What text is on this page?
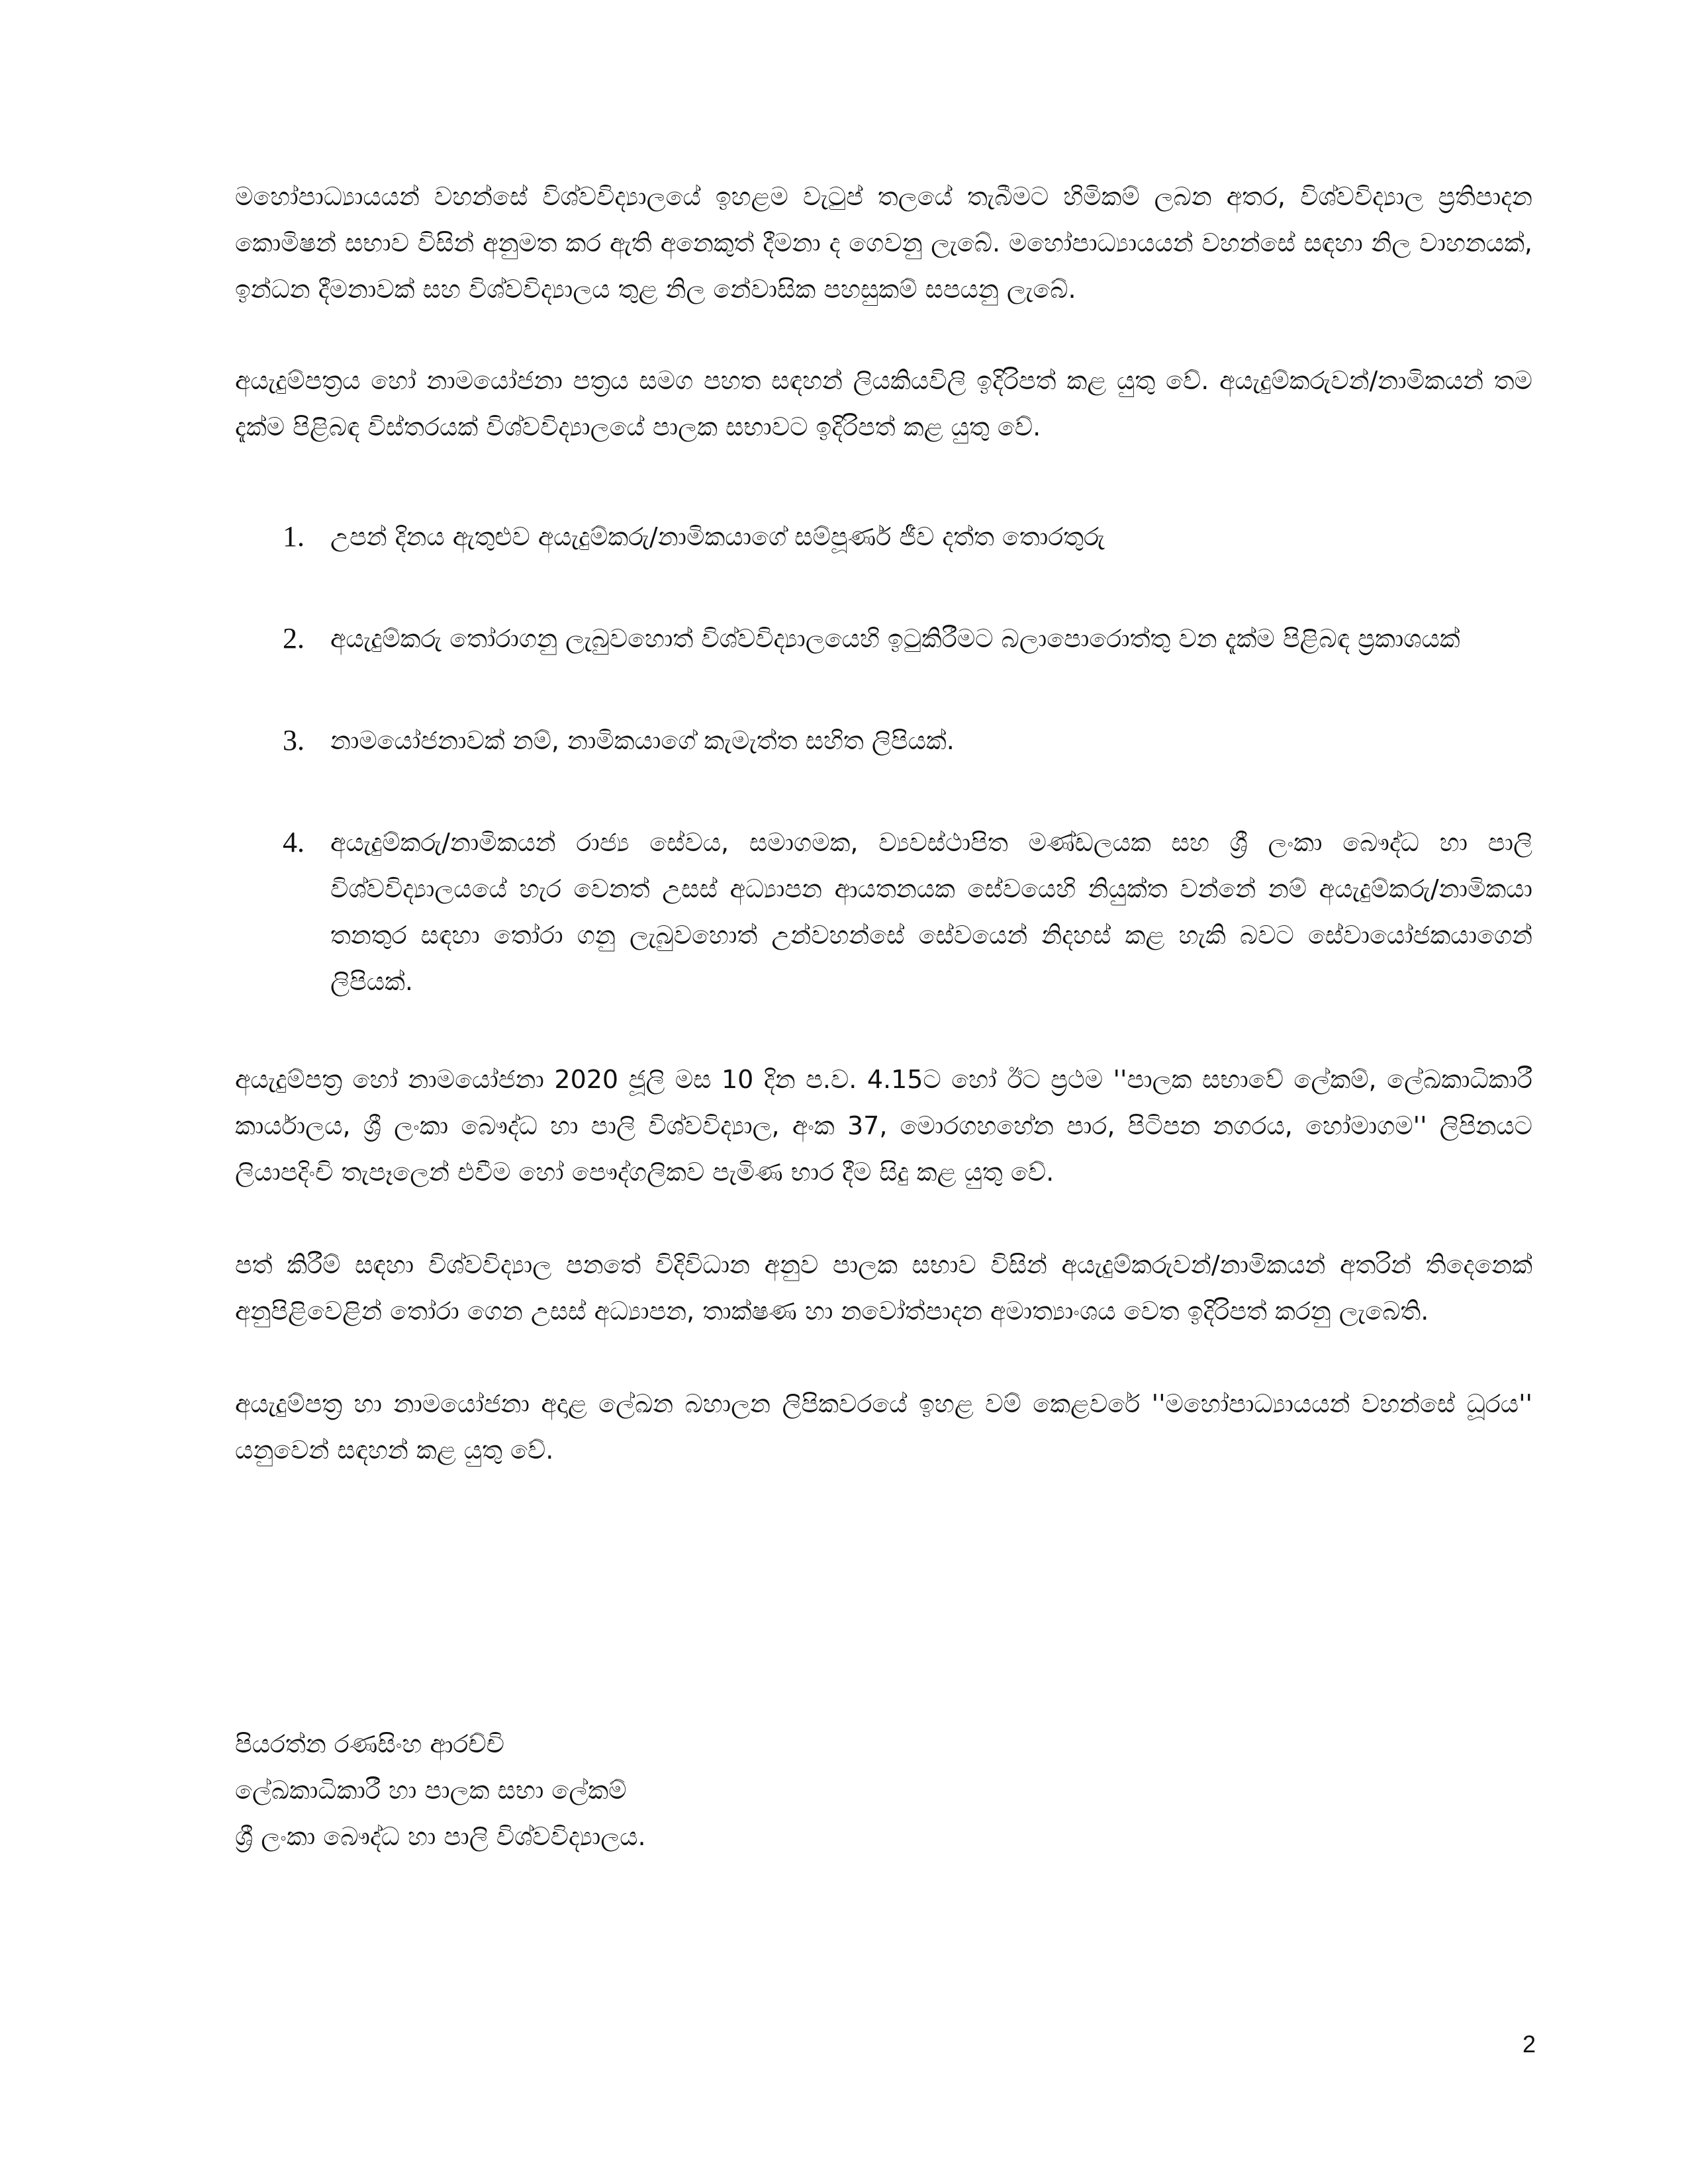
මහෝපාධ්‍යායයන් වහන්සේ විශ්වවිද්‍යාලයේ ඉහළම වැටුප් තලයේ තැබීමට හිමිකම් ලබන අතර, විශ්වවිද්‍යාල ප්‍රතිපාදන කොමිෂන් සභාව විසින් අනුමත කර ඇති අනෙකුත් දීමනා ද ගෙවනු ලැබේ. මහෝපාධ්‍යායයන් වහන්සේ සඳහා නිල වාහනයක්, ඉන්ධන දීමනාවක් සහ විශ්වවිද්‍යාලය තුළ නිල නේවාසික පහසුකම් සපයනු ලැබේ.

අයැදුම්පත්‍රය හෝ නාමයෝජනා පත්‍රය සමග පහත සඳහන් ලියකියවිලි ඉදිරිපත් කළ යුතු වේ. අයැදුම්කරුවන්/නාමිකයන් තම දැක්ම පිළිබඳ විස්තරයක් විශ්වවිද්‍යාලයේ පාලක සභාවට ඉදිරිපත් කළ යුතු වේ.

1.	උපන් දිනය ඇතුළුව අයැදුම්කරු/නාමිකයාගේ සම්පූර්ණ ජීව දත්ත තොරතුරු
2.	අයැදුම්කරු තෝරාගනු ලැබුවහොත් විශ්වවිද්‍යාලයෙහි ඉටුකිරීමට බලාපොරොත්තු වන දැක්ම පිළිබඳ ප්‍රකාශයක්
3.	නාමයෝජනාවක් නම්, නාමිකයාගේ කැමැත්ත සහිත ලිපියක්.
4.	අයැදුම්කරු/නාමිකයන් රාජ්‍ය සේවය, සමාගමක, ව්‍යවස්ථාපිත මණ්ඩලයක සහ ශ්‍රී ලංකා බෞද්ධ හා පාලි විශ්වවිද්‍යාලයයේ හැර වෙනත් උසස් අධ්‍යාපන ආයතනයක සේවයෙහි නියුක්ත වන්නේ නම් අයැදුම්කරු/නාමිකයා තනතුර සඳහා තෝරා ගනු ලැබුවහොත් උන්වහන්සේ සේවයෙන් නිදහස් කළ හැකි බවට සේවායෝජකයාගෙන් ලිපියක්.

අයැදුම්පත්‍ර හෝ නාමයෝජනා 2020 ජූලි මස 10 දින ප.ව. 4.15ට හෝ ඊට ප්‍රථම ''පාලක සභාවේ ලේකම්, ලේඛකාධිකාරී කාර්යාලය, ශ්‍රී ලංකා බෞද්ධ හා පාලි විශ්වවිද්‍යාල, අංක 37, මොරගහහේන පාර, පිටිපන නගරය, හෝමාගම'' ලිපිනයට ලියාපදිංචි තැපෑලෙන් එවීම හෝ පෞද්ගලිකව පැමිණ භාර දීම සිදු කළ යුතු වේ.

පත් කිරීම් සඳහා විශ්වවිද්‍යාල පනතේ විදිවිධාන අනුව පාලක සභාව විසින් අයැදුම්කරුවන්/නාමිකයන් අතරින් තිදෙනෙක් අනුපිළිවෙළින් තෝරා ගෙන උසස් අධ්‍යාපන, තාක්ෂණ හා නවෝත්පාදන අමාත්‍යාංශය වෙත ඉදිරිපත් කරනු ලැබෙති.

අයැදුම්පත්‍ර හා නාමයෝජනා අදාළ ලේඛන බහාලන ලිපිකවරයේ ඉහළ වම් කෙළවරේ ''මහෝපාධ්‍යායයන් වහන්සේ ධූරය'' යනුවෙන් සඳහන් කළ යුතු වේ.

පියරත්න රණසිංහ ආරච්චි
ලේඛකාධිකාරී හා පාලක සභා ලේකම්
ශ්‍රී ලංකා බෞද්ධ හා පාලි විශ්වවිද්‍යාලය.
2
